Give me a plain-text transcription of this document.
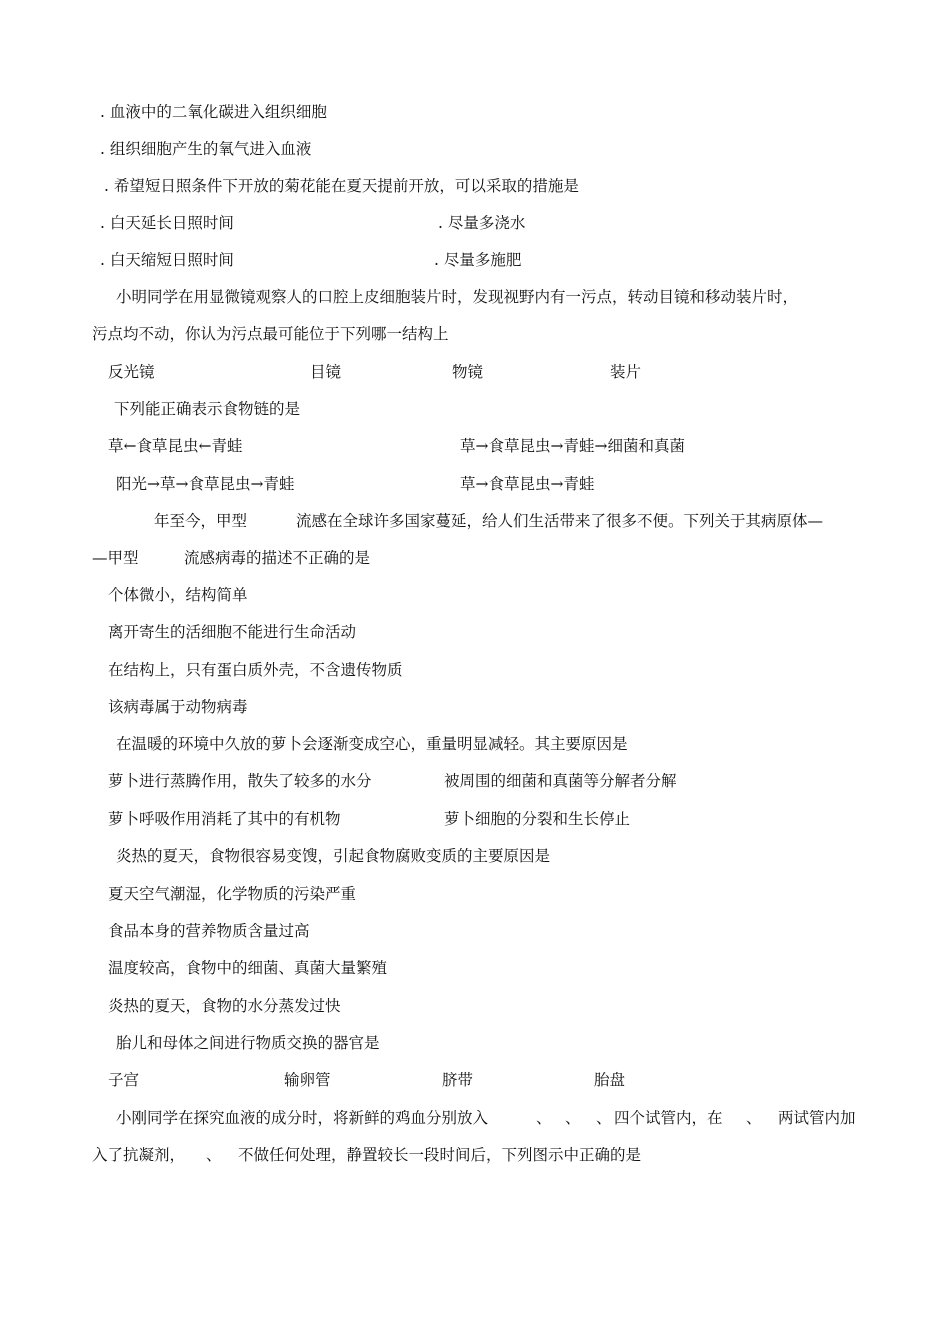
. 血液中的二氧化碳进入组织细胞
. 组织细胞产生的氧气进入血液
. 希望短日照条件下开放的菊花能在夏天提前开放，可以采取的措施是
. 白天延长日照时间	. 尽量多浇水
. 白天缩短日照时间	. 尽量多施肥
小明同学在用显微镜观察人的口腔上皮细胞装片时，发现视野内有一污点，转动目镜和移动装片时，
污点均不动，你认为污点最可能位于下列哪一结构上
反光镜	目镜	物镜	装片
下列能正确表示食物链的是
草←食草昆虫←青蛙	草→食草昆虫→青蛙→细菌和真菌
阳光→草→食草昆虫→青蛙	草→食草昆虫→青蛙
年至今，甲型	流感在全球许多国家蔓延，给人们生活带来了很多不便。下列关于其病原体—
—甲型	流感病毒的描述不正确的是
个体微小，结构简单
离开寄生的活细胞不能进行生命活动
在结构上，只有蛋白质外壳，不含遗传物质
该病毒属于动物病毒
在温暖的环境中久放的萝卜会逐渐变成空心，重量明显减轻。其主要原因是
萝卜进行蒸腾作用，散失了较多的水分	被周围的细菌和真菌等分解者分解
萝卜呼吸作用消耗了其中的有机物	萝卜细胞的分裂和生长停止
炎热的夏天，食物很容易变馊，引起食物腐败变质的主要原因是
夏天空气潮湿，化学物质的污染严重
食品本身的营养物质含量过高
温度较高，食物中的细菌、真菌大量繁殖
炎热的夏天，食物的水分蒸发过快
胎儿和母体之间进行物质交换的器官是
子宫	输卵管	脐带	胎盘
小刚同学在探究血液的成分时，将新鲜的鸡血分别放入	、 、 、 四个试管内，在 、 两试管内加
入了抗凝剂， 、 不做任何处理，静置较长一段时间后，下列图示中正确的是
